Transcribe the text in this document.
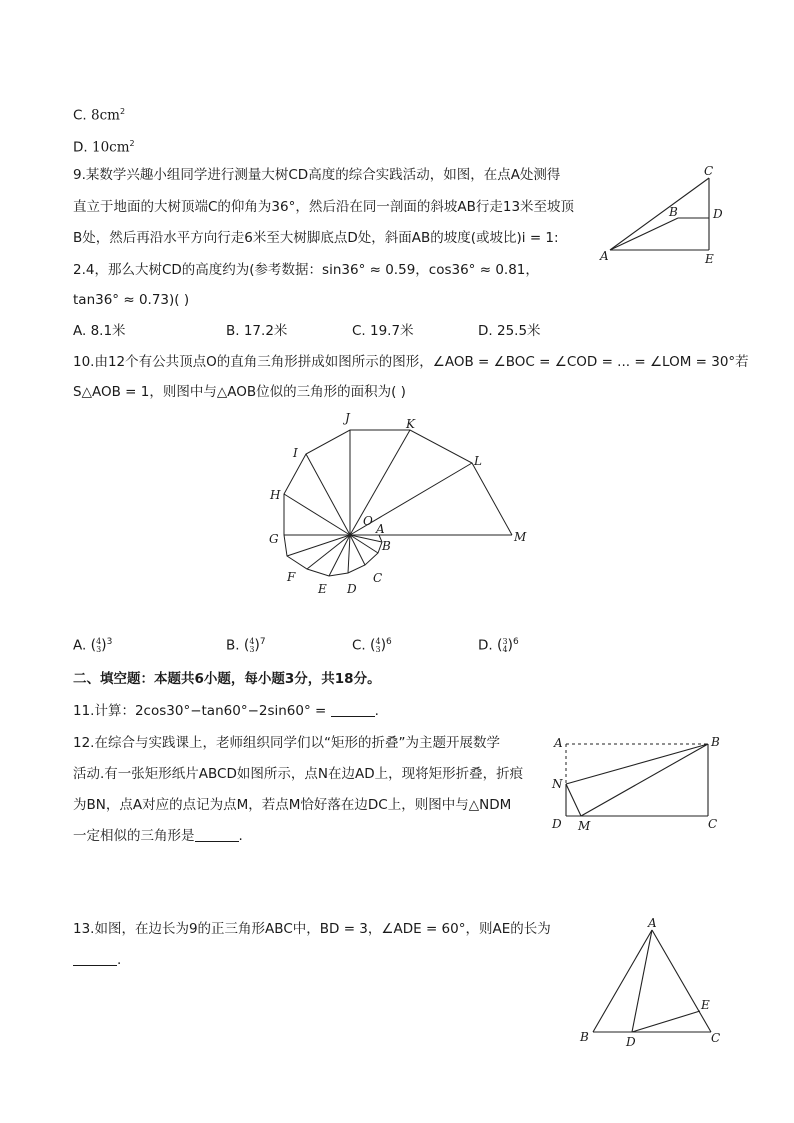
C. $8cm^2$
D. $10cm^2$
9.某数学兴趣小组同学进行测量大树CD高度的综合实践活动，如图，在点A处测得
直立于地面的大树顶端C的仰角为36°，然后沿在同一剖面的斜坡AB行走13米至坡顶
B处，然后再沿水平方向行走6米至大树脚底点D处，斜面AB的坡度(或坡比)i = 1:
2.4，那么大树CD的高度约为(参考数据：sin36° ≈ 0.59，cos36° ≈ 0.81，
tan36° ≈ 0.73)( )
A. 8.1米	B. 17.2米	C. 19.7米	D. 25.5米
C
B	D
A	E
10.由12个有公共顶点O的直角三角形拼成如图所示的图形，∠AOB = ∠BOC = ∠COD = ... = ∠LOM = 30°若
S△AOB = 1，则图中与△AOB位似的三角形的面积为( )
J	K
I
L
H
O
A
G	B
M
F	C
E D
A. ( 4
3 )$^3$	B. ( 4
3 )$^7$	C. ( 4
3 )$^6$	D. ( 3
4 )$^6$
二、填空题：本题共6小题，每小题3分，共18分。
11.计算：2cos30°−tan60°−2sin60° =	.
12.在综合与实践课上，老师组织同学们以“矩形的折叠”为主题开展数学
活动.有一张矩形纸片ABCD如图所示，点N在边AD上，现将矩形折叠，折痕
为BN，点A对应的点记为点M，若点M恰好落在边DC上，则图中与△NDM
一定相似的三角形是	.
A	B
N
D M	C
13.如图，在边长为9的正三角形ABC中，BD = 3，∠ADE = 60°，则AE的长为
.
A
B	D
E
C
